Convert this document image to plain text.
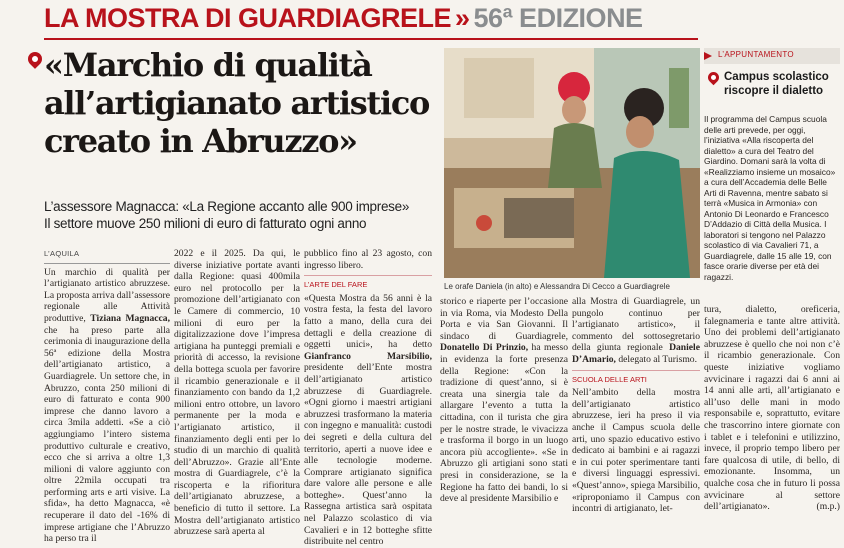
LA MOSTRA DI GUARDIAGRELE » 56ª EDIZIONE
«Marchio di qualità
all’artigianato artistico
creato in Abruzzo»
L’assessore Magnacca: «La Regione accanto alle 900 imprese»
Il settore muove 250 milioni di euro di fatturato ogni anno
Le orafe Daniela (in alto) e Alessandra Di Cecco a Guardiagrele
L’AQUILA
Un marchio di qualità per l’artigianato artistico abruzzese. La proposta arriva dall’assessore regionale alle Attività produttive, Tiziana Magnacca, che ha preso parte alla cerimonia di inaugurazione della 56ª edizione della Mostra dell’artigianato artistico, a Guardiagrele. Un settore che, in Abruzzo, conta 250 milioni di euro di fatturato e conta 900 imprese che danno lavoro a circa 3mila addetti. «Se a ciò aggiungiamo l’intero sistema produttivo culturale e creativo, ecco che si arriva a oltre 1,3 milioni di valore aggiunto con oltre 22mila occupati tra performing arts e arti visive. La sfida», ha detto Magnacca, «è recuperare il dato del -16% di imprese artigiane che l’Abruzzo ha perso tra il
2022 e il 2025. Da qui, le diverse iniziative portate avanti dalla Regione: quasi 400mila euro nel protocollo per la promozione dell’artigianato con le Camere di commercio, 10 milioni di euro per la digitalizzazione dove l’impresa artigiana ha punteggi premiali e priorità di accesso, la revisione della bottega scuola per favorire il ricambio generazionale e il finanziamento con bando da 1,2 milioni entro ottobre, un lavoro permanente per la moda e l’artigianato artistico, il finanziamento degli enti per lo studio di un marchio di qualità dell’Abruzzo». Grazie all’Ente mostra di Guardiagrele, c’è la riscoperta e la rifioritura dell’artigianato abruzzese, a beneficio di tutto il settore. La Mostra dell’artigianato artistico abruzzese sarà aperta al
pubblico fino al 23 agosto, con ingresso libero.
L’ARTE DEL FARE
«Questa Mostra da 56 anni è la vostra festa, la festa del lavoro fatto a mano, della cura dei dettagli e della creazione di oggetti unici», ha detto Gianfranco Marsibilio, presidente dell’Ente mostra dell’artigianato artistico abruzzese di Guardiagrele. «Ogni giorno i maestri artigiani abruzzesi trasformano la materia con ingegno e manualità: custodi dei segreti e della cultura del territorio, aperti a nuove idee e alle tecnologie moderne. Comprare artigianato significa dare valore alle persone e alle botteghe». Quest’anno la Rassegna artistica sarà ospitata nel Palazzo scolastico di via Cavalieri e in 12 botteghe sfitte distribuite nel centro
storico e riaperte per l’occasione in via Roma, via Modesto Della Porta e via San Giovanni. Il sindaco di Guardiagrele, Donatello Di Prinzio, ha messo in evidenza la forte presenza della Regione: «Con la tradizione di quest’anno, si è creata una sinergia tale da allargare l’evento a tutta la cittadina, con il turista che gira per le nostre strade, le vivacizza e trasforma il borgo in un luogo ancora più accogliente». «Se in Abruzzo gli artigiani sono stati presi in considerazione, se la Regione ha fatto dei bandi, lo si deve al presidente Marsibilio e
alla Mostra di Guardiagrele, un pungolo continuo per l’artigianato artistico», il commento del sottosegretario della giunta regionale Daniele D’Amario, delegato al Turismo.
SCUOLA DELLE ARTI
Nell’ambito della mostra dell’artigianato artistico abruzzese, ieri ha preso il via anche il Campus scuola delle arti, uno spazio educativo estivo dedicato ai bambini e ai ragazzi e in cui poter sperimentare tanti e diversi linguaggi espressivi. «Quest’anno», spiega Marsibilio, «riproponiamo il Campus con incontri di artigianato, let-
L’APPUNTAMENTO
Campus scolastico riscopre il dialetto
Il programma del Campus scuola delle arti prevede, per oggi, l’iniziativa «Alla riscoperta del dialetto» a cura del Teatro del Giardino. Domani sarà la volta di «Realizziamo insieme un mosaico» a cura dell’Accademia delle Belle Arti di Ravenna, mentre sabato si terrà «Musica in Armonia» con Antonio Di Leonardo e Francesco D’Addazio di Città della Musica. I laboratori si tengono nel Palazzo scolastico di via Cavalieri 71, a Guardiagrele, dalle 15 alle 19, con fasce orarie diverse per età dei ragazzi.
tura, dialetto, oreficeria, falegnameria e tante altre attività. Uno dei problemi dell’artigianato abruzzese è quello che noi non c’è il ricambio generazionale. Con queste iniziative vogliamo avvicinare i ragazzi dai 6 anni ai 14 anni alle arti, all’artigianato e all’uso delle mani in modo responsabile e, soprattutto, evitare che trascorrino intere giornate con i tablet e i telefonini e utilizzino, invece, il proprio tempo libero per fare qualcosa di utile, di bello, di emozionante. Insomma, un qualche cosa che in futuro li possa avvicinare al settore dell’artigianato».	(m.p.)
